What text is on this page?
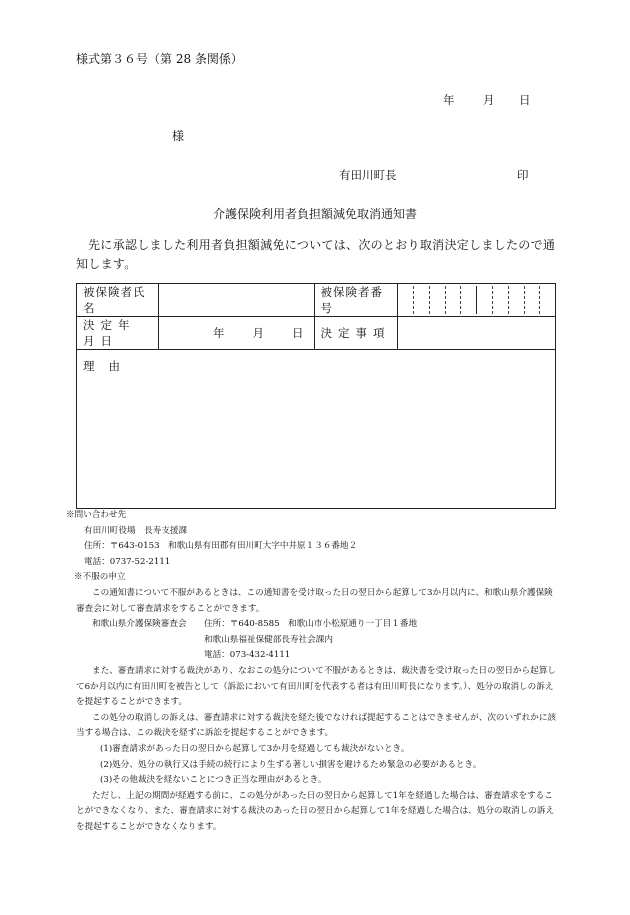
様式第３６号（第 28 条関係）
年 月 日
様
有田川町長	印
介護保険利用者負担額減免取消通知書
先に承認しました利用者負担額減免については、次のとおり取消決定しましたので通知します。
被保険者氏名		被保険者番号	

決定年月日	年 月 日	決定事項	
理由			

※問い合わせ先

有田川町役場　長寿支援課

住所：〒643-0153　和歌山県有田郡有田川町大字中井原１３６番地２

電話：0737-52-2111

※不服の申立

この通知書について不服があるときは、この通知書を受け取った日の翌日から起算して3か月以内に、和歌山県介護保険審査会に対して審査請求をすることができます。

和歌山県介護保険審査会	住所：〒640-8585　和歌山市小松原通り一丁目１番地

和歌山県福祉保健部長寿社会課内

電話：073-432-4111

また、審査請求に対する裁決があり、なおこの処分について不服があるときは、裁決書を受け取った日の翌日から起算して6か月以内に有田川町を被告として（訴訟において有田川町を代表する者は有田川町長になります。）、処分の取消しの訴えを提起することができます。

この処分の取消しの訴えは、審査請求に対する裁決を経た後でなければ提起することはできませんが、次のいずれかに該当する場合は、この裁決を経ずに訴訟を提起することができます。

(1)審査請求があった日の翌日から起算して3か月を経過しても裁決がないとき。

(2)処分、処分の執行又は手続の続行により生ずる著しい損害を避けるため緊急の必要があるとき。

(3)その他裁決を経ないことにつき正当な理由があるとき。

ただし、上記の期間が経過する前に、この処分があった日の翌日から起算して1年を経過した場合は、審査請求をすることができなくなり、また、審査請求に対する裁決のあった日の翌日から起算して1年を経過した場合は、処分の取消しの訴えを提起することができなくなります。
